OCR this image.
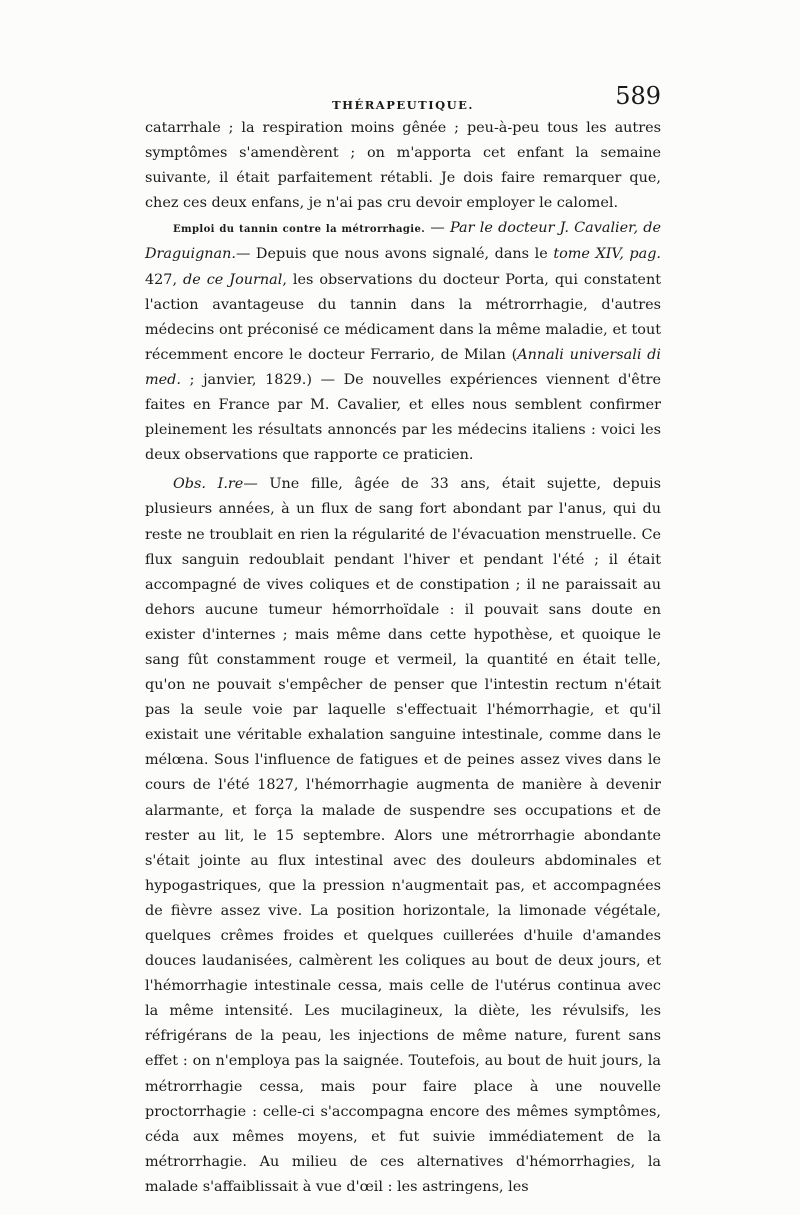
THÉRAPEUTIQUE.	589

catarrhale ; la respiration moins gênée ; peu-à-peu tous les autres symptômes s'amendèrent ; on m'apporta cet enfant la semaine suivante, il était parfaitement rétabli. Je dois faire remarquer que, chez ces deux enfans, je n'ai pas cru devoir employer le calomel.

Emploi du tannin contre la métrorrhagie. — Par le docteur J. Cavalier, de Draguignan.— Depuis que nous avons signalé, dans le tome XIV, pag. 427, de ce Journal, les observations du docteur Porta, qui constatent l'action avantageuse du tannin dans la métrorrhagie, d'autres médecins ont préconisé ce médicament dans la même maladie, et tout récemment encore le docteur Ferrario, de Milan (Annali universali di med. ; janvier, 1829.) — De nouvelles expériences viennent d'être faites en France par M. Cavalier, et elles nous semblent confirmer pleinement les résultats annoncés par les médecins italiens : voici les deux observations que rapporte ce praticien.

Obs. I.re— Une fille, âgée de 33 ans, était sujette, depuis plusieurs années, à un flux de sang fort abondant par l'anus, qui du reste ne troublait en rien la régularité de l'évacuation menstruelle. Ce flux sanguin redoublait pendant l'hiver et pendant l'été ; il était accompagné de vives coliques et de constipation ; il ne paraissait au dehors aucune tumeur hémorrhoïdale : il pouvait sans doute en exister d'internes ; mais même dans cette hypothèse, et quoique le sang fût constamment rouge et vermeil, la quantité en était telle, qu'on ne pouvait s'empêcher de penser que l'intestin rectum n'était pas la seule voie par laquelle s'effectuait l'hémorrhagie, et qu'il existait une véritable exhalation sanguine intestinale, comme dans le mélœna. Sous l'influence de fatigues et de peines assez vives dans le cours de l'été 1827, l'hémorrhagie augmenta de manière à devenir alarmante, et força la malade de suspendre ses occupations et de rester au lit, le 15 septembre. Alors une métrorrhagie abondante s'était jointe au flux intestinal avec des douleurs abdominales et hypogastriques, que la pression n'augmentait pas, et accompagnées de fièvre assez vive. La position horizontale, la limonade végétale, quelques crêmes froides et quelques cuillerées d'huile d'amandes douces laudanisées, calmèrent les coliques au bout de deux jours, et l'hémorrhagie intestinale cessa, mais celle de l'utérus continua avec la même intensité. Les mucilagineux, la diète, les révulsifs, les réfrigérans de la peau, les injections de même nature, furent sans effet : on n'employa pas la saignée. Toutefois, au bout de huit jours, la métrorrhagie cessa, mais pour faire place à une nouvelle proctorrhagie : celle-ci s'accompagna encore des mêmes symptômes, céda aux mêmes moyens, et fut suivie immédiatement de la métrorrhagie. Au milieu de ces alternatives d'hémorrhagies, la malade s'affaiblissait à vue d'œil : les astringens, les
